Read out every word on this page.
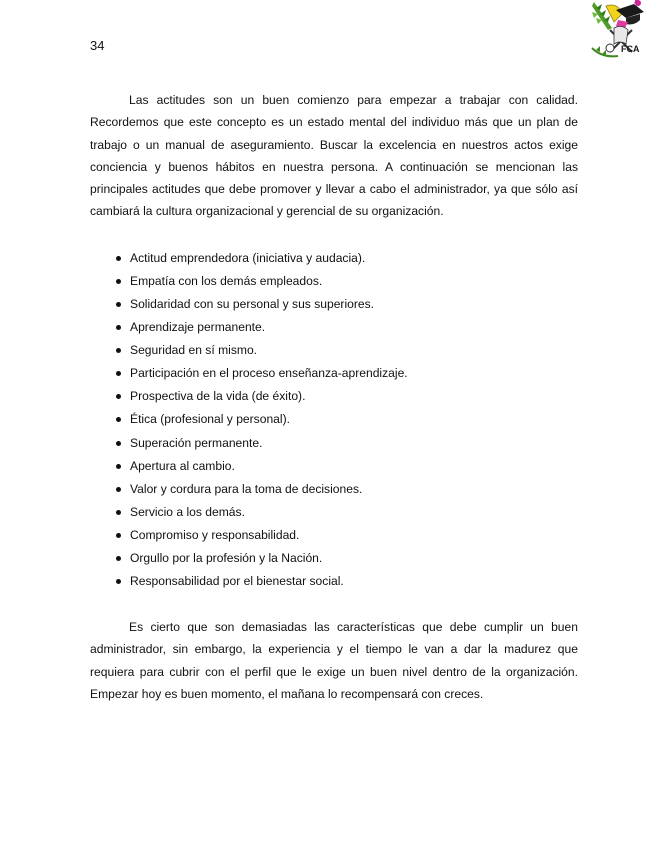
34	FCA

Las actitudes son un buen comienzo para empezar a trabajar con calidad. Recordemos que este concepto es un estado mental del individuo más que un plan de trabajo o un manual de aseguramiento. Buscar la excelencia en nuestros actos exige conciencia y buenos hábitos en nuestra persona. A continuación se mencionan las principales actitudes que debe promover y llevar a cabo el administrador, ya que sólo así cambiará la cultura organizacional y gerencial de su organización.

Actitud emprendedora (iniciativa y audacia).
Empatía con los demás empleados.
Solidaridad con su personal y sus superiores.
Aprendizaje permanente.
Seguridad en sí mismo.
Participación en el proceso enseñanza-aprendizaje.
Prospectiva de la vida (de éxito).
Ética (profesional y personal).
Superación permanente.
Apertura al cambio.
Valor y cordura para la toma de decisiones.
Servicio a los demás.
Compromiso y responsabilidad.
Orgullo por la profesión y la Nación.
Responsabilidad por el bienestar social.

Es cierto que son demasiadas las características que debe cumplir un buen administrador, sin embargo, la experiencia y el tiempo le van a dar la madurez que requiera para cubrir con el perfil que le exige un buen nivel dentro de la organización. Empezar hoy es buen momento, el mañana lo recompensará con creces.
